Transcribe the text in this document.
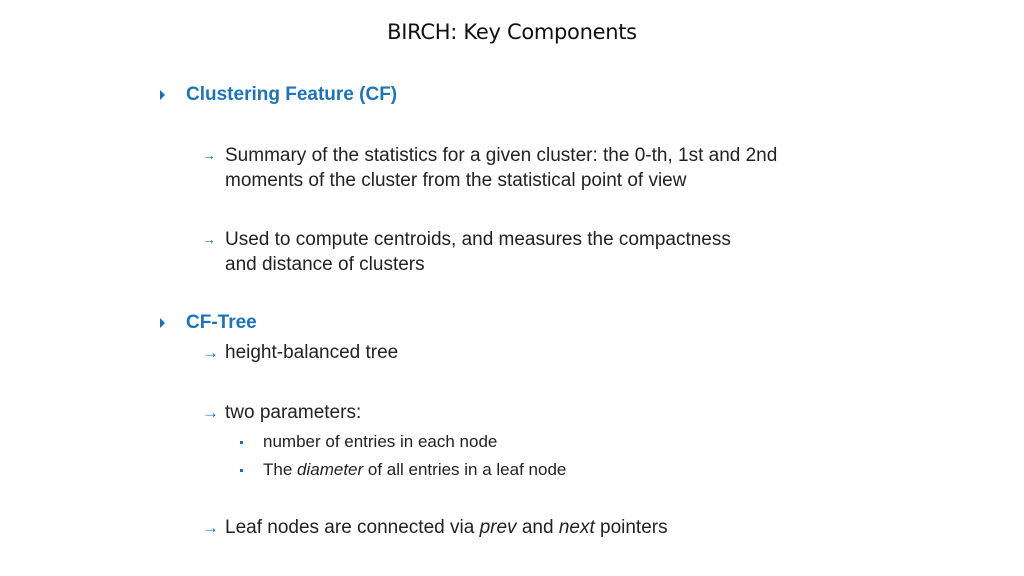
BIRCH: Key Components
Clustering Feature (CF)
→ Summary of the statistics for a given cluster: the 0-th, 1st and 2nd
moments of the cluster from the statistical point of view
→ Used to compute centroids, and measures the compactness
and distance of clusters
CF-Tree
→ height-balanced tree
→ two parameters:
number of entries in each node
The diameter of all entries in a leaf node
→ Leaf nodes are connected via prev and next pointers
